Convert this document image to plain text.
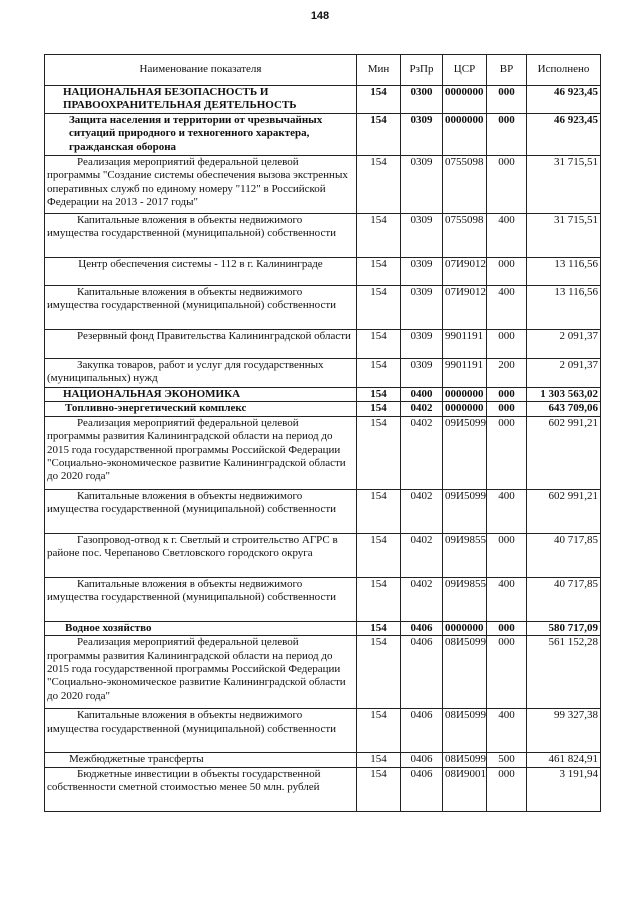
148
Наименование показателя	Мин	РзПр	ЦСР	ВР	Исполнено
НАЦИОНАЛЬНАЯ БЕЗОПАСНОСТЬ И ПРАВООХРАНИТЕЛЬНАЯ ДЕЯТЕЛЬНОСТЬ	154	0300	0000000	000	46 923,45
Защита населения и территории от чрезвычайных ситуаций природного и техногенного характера, гражданская оборона	154	0309	0000000	000	46 923,45
Реализация мероприятий федеральной целевой программы "Создание системы обеспечения вызова экстренных оперативных служб по единому номеру "112" в Российской Федерации на 2013 - 2017 годы"	154	0309	0755098	000	31 715,51
Капитальные вложения в объекты недвижимого имущества государственной (муниципальной) собственности	154	0309	0755098	400	31 715,51
Центр обеспечения системы - 112 в г. Калининграде	154	0309	07И9012	000	13 116,56
Капитальные вложения в объекты недвижимого имущества государственной (муниципальной) собственности	154	0309	07И9012	400	13 116,56
Резервный фонд Правительства Калининградской области	154	0309	9901191	000	2 091,37
Закупка товаров, работ и услуг для государственных (муниципальных) нужд	154	0309	9901191	200	2 091,37
НАЦИОНАЛЬНАЯ ЭКОНОМИКА	154	0400	0000000	000	1 303 563,02
Топливно-энергетический комплекс	154	0402	0000000	000	643 709,06
Реализация мероприятий федеральной целевой программы развития Калининградской области на период до 2015 года государственной программы Российской Федерации "Социально-экономическое развитие Калининградской области до 2020 года"	154	0402	09И5099	000	602 991,21
Капитальные вложения в объекты недвижимого имущества государственной (муниципальной) собственности	154	0402	09И5099	400	602 991,21
Газопровод-отвод к г. Светлый и строительство АГРС в районе пос. Черепаново Светловского городского округа	154	0402	09И9855	000	40 717,85
Капитальные вложения в объекты недвижимого имущества государственной (муниципальной) собственности	154	0402	09И9855	400	40 717,85
Водное хозяйство	154	0406	0000000	000	580 717,09
Реализация мероприятий федеральной целевой программы развития Калининградской области на период до 2015 года государственной программы Российской Федерации "Социально-экономическое развитие Калининградской области до 2020 года"	154	0406	08И5099	000	561 152,28
Капитальные вложения в объекты недвижимого имущества государственной (муниципальной) собственности	154	0406	08И5099	400	99 327,38
Межбюджетные трансферты	154	0406	08И5099	500	461 824,91
Бюджетные инвестиции в объекты государственной собственности сметной стоимостью менее 50 млн. рублей	154	0406	08И9001	000	3 191,94
